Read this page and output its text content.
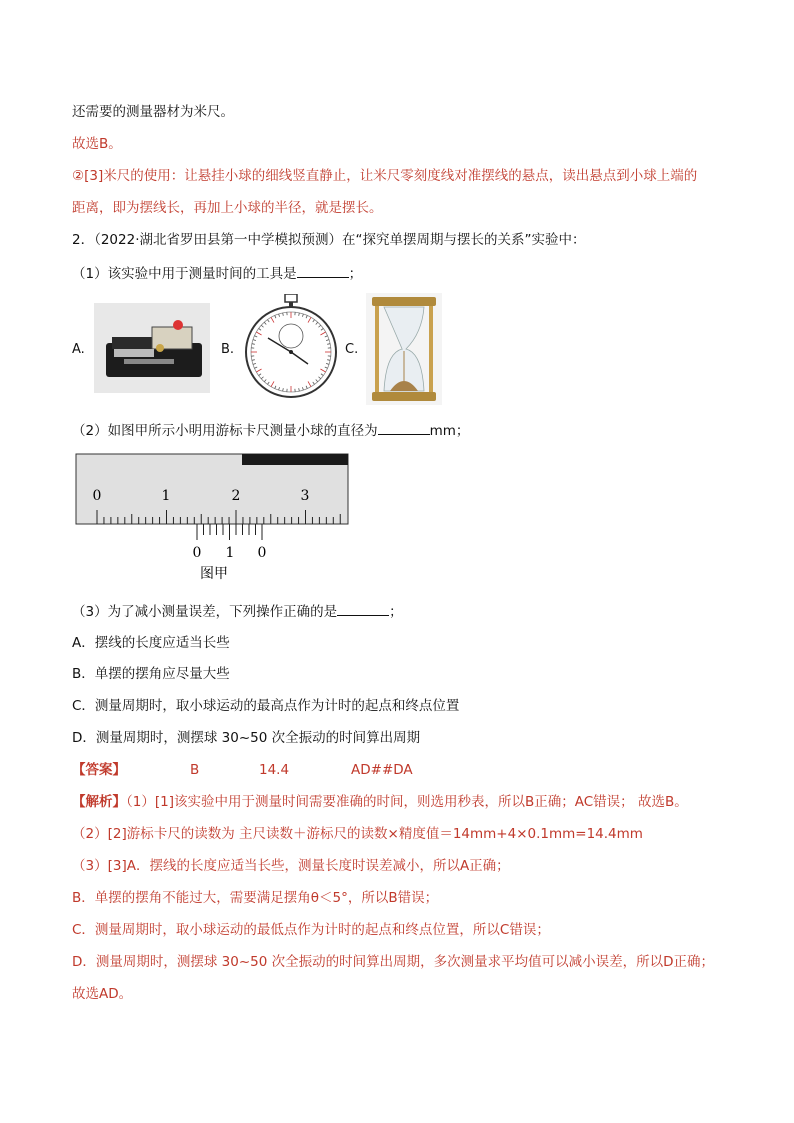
还需要的测量器材为米尺。
故选B。
②[3]米尺的使用：让悬挂小球的细线竖直静止，让米尺零刻度线对准摆线的悬点，读出悬点到小球上端的
距离，即为摆线长，再加上小球的半径，就是摆长。
2．（2022·湖北省罗田县第一中学模拟预测）在“探究单摆周期与摆长的关系”实验中：
（1）该实验中用于测量时间的工具是	；
A.	B.	C.
（2）如图甲所示小明用游标卡尺测量小球的直径为	mm；
0	1	2	3
0 1 0
图甲
（3）为了减小测量误差，下列操作正确的是	；
A．摆线的长度应适当长些
B．单摆的摆角应尽量大些
C．测量周期时，取小球运动的最高点作为计时的起点和终点位置
D．测量周期时，测摆球 30~50 次全振动的时间算出周期
【答案】	B	14.4	AD##DA
【解析】（1）[1]该实验中用于测量时间需要准确的时间，则选用秒表，所以B正确；AC错误； 故选B。
（2）[2]游标卡尺的读数为 主尺读数＋游标尺的读数×精度值＝14mm+4×0.1mm=14.4mm
（3）[3]A．摆线的长度应适当长些，测量长度时误差减小，所以A正确；
B．单摆的摆角不能过大，需要满足摆角θ＜5°，所以B错误；
C．测量周期时，取小球运动的最低点作为计时的起点和终点位置，所以C错误；
D．测量周期时，测摆球 30~50 次全振动的时间算出周期，多次测量求平均值可以减小误差，所以D正确；
故选AD。
